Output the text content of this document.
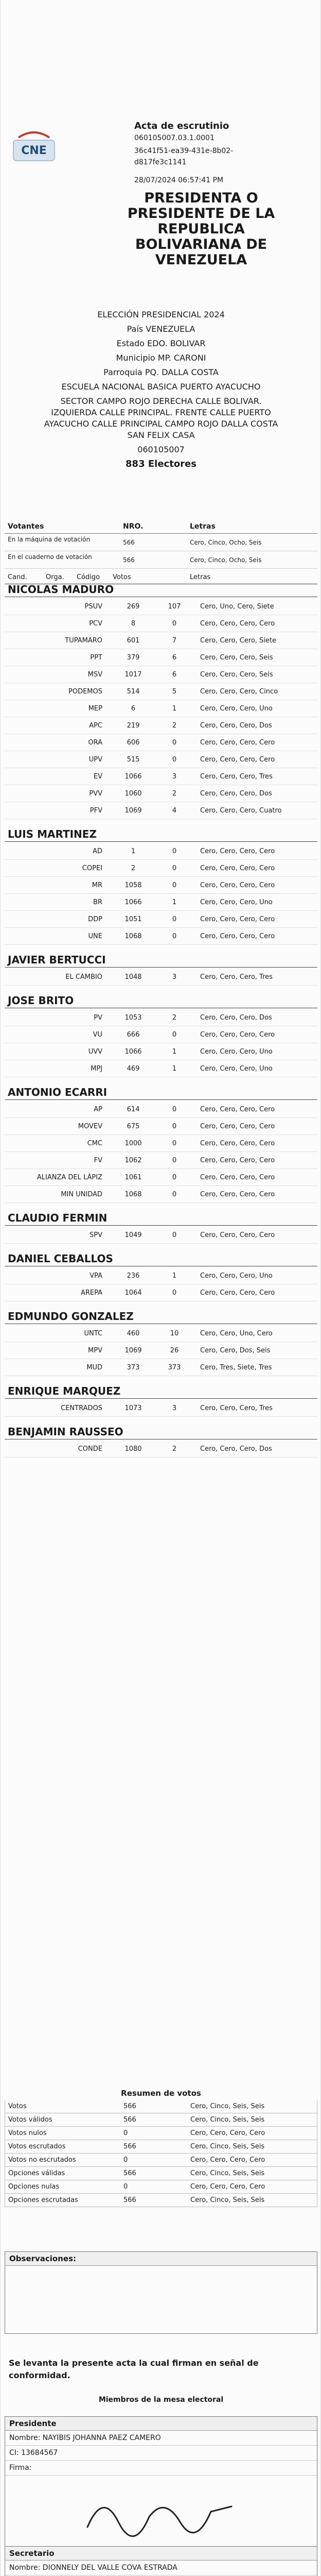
CNE
Acta de escrutinio
060105007.03.1.0001
36c41f51-ea39-431e-8b02-
d817fe3c1141
28/07/2024 06:57:41 PM
PRESIDENTA O
PRESIDENTE DE LA
REPUBLICA
BOLIVARIANA DE
VENEZUELA
ELECCIÓN PRESIDENCIAL 2024
País VENEZUELA
Estado EDO. BOLIVAR
Municipio MP. CARONI
Parroquia PQ. DALLA COSTA
ESCUELA NACIONAL BASICA PUERTO AYACUCHO
SECTOR CAMPO ROJO DERECHA CALLE BOLIVAR. IZQUIERDA CALLE PRINCIPAL. FRENTE CALLE PUERTO AYACUCHO CALLE PRINCIPAL CAMPO ROJO DALLA COSTA SAN FELIX CASA
060105007
883 Electores
Votantes	NRO.	Letras
En la máquina de votación	566	Cero, Cinco, Ocho, Seis
En el cuaderno de votación	566	Cero, Cinco, Ocho, Seis
Cand.	Orga. Código Votos	Letras
NICOLAS MADURO
PSUV	269	107	Cero, Uno, Cero, Siete
PCV	8	0	Cero, Cero, Cero, Cero
TUPAMARO	601	7	Cero, Cero, Cero, Siete
PPT	379	6	Cero, Cero, Cero, Seis
MSV	1017	6	Cero, Cero, Cero, Seis
PODEMOS	514	5	Cero, Cero, Cero, Cinco
MEP	6	1	Cero, Cero, Cero, Uno
APC	219	2	Cero, Cero, Cero, Dos
ORA	606	0	Cero, Cero, Cero, Cero
UPV	515	0	Cero, Cero, Cero, Cero
EV	1066	3	Cero, Cero, Cero, Tres
PVV	1060	2	Cero, Cero, Cero, Dos
PFV	1069	4	Cero, Cero, Cero, Cuatro
LUIS MARTINEZ
AD	1	0	Cero, Cero, Cero, Cero
COPEI	2	0	Cero, Cero, Cero, Cero
MR	1058	0	Cero, Cero, Cero, Cero
BR	1066	1	Cero, Cero, Cero, Uno
DDP	1051	0	Cero, Cero, Cero, Cero
UNE	1068	0	Cero, Cero, Cero, Cero
JAVIER BERTUCCI
EL CAMBIO	1048	3	Cero, Cero, Cero, Tres
JOSE BRITO
PV	1053	2	Cero, Cero, Cero, Dos
VU	666	0	Cero, Cero, Cero, Cero
UVV	1066	1	Cero, Cero, Cero, Uno
MPJ	469	1	Cero, Cero, Cero, Uno
ANTONIO ECARRI
AP	614	0	Cero, Cero, Cero, Cero
MOVEV	675	0	Cero, Cero, Cero, Cero
CMC	1000	0	Cero, Cero, Cero, Cero
FV	1062	0	Cero, Cero, Cero, Cero
ALIANZA DEL LÁPIZ	1061	0	Cero, Cero, Cero, Cero
MIN UNIDAD	1068	0	Cero, Cero, Cero, Cero
CLAUDIO FERMIN
SPV	1049	0	Cero, Cero, Cero, Cero
DANIEL CEBALLOS
VPA	236	1	Cero, Cero, Cero, Uno
AREPA	1064	0	Cero, Cero, Cero, Cero
EDMUNDO GONZALEZ
UNTC	460	10	Cero, Cero, Uno, Cero
MPV	1069	26	Cero, Cero, Dos, Seis
MUD	373	373	Cero, Tres, Siete, Tres
ENRIQUE MARQUEZ
CENTRADOS	1073	3	Cero, Cero, Cero, Tres
BENJAMIN RAUSSEO
CONDE	1080	2	Cero, Cero, Cero, Dos
Resumen de votos
Votos	566	Cero, Cinco, Seis, Seis
Votos válidos	566	Cero, Cinco, Seis, Seis
Votos nulos	0	Cero, Cero, Cero, Cero
Votos escrutados	566	Cero, Cinco, Seis, Seis
Votos no escrutados	0	Cero, Cero, Cero, Cero
Opciones válidas	566	Cero, Cinco, Seis, Seis
Opciones nulas	0	Cero, Cero, Cero, Cero
Opciones escrutadas	566	Cero, Cinco, Seis, Seis
Observaciones:
Se levanta la presente acta la cual firman en señal de conformidad.
Miembros de la mesa electoral
Presidente
Nombre: NAYIBIS JOHANNA PAEZ CAMERO
CI: 13684567
Firma:
Secretario
Nombre: DIONNELY DEL VALLE COVA ESTRADA
